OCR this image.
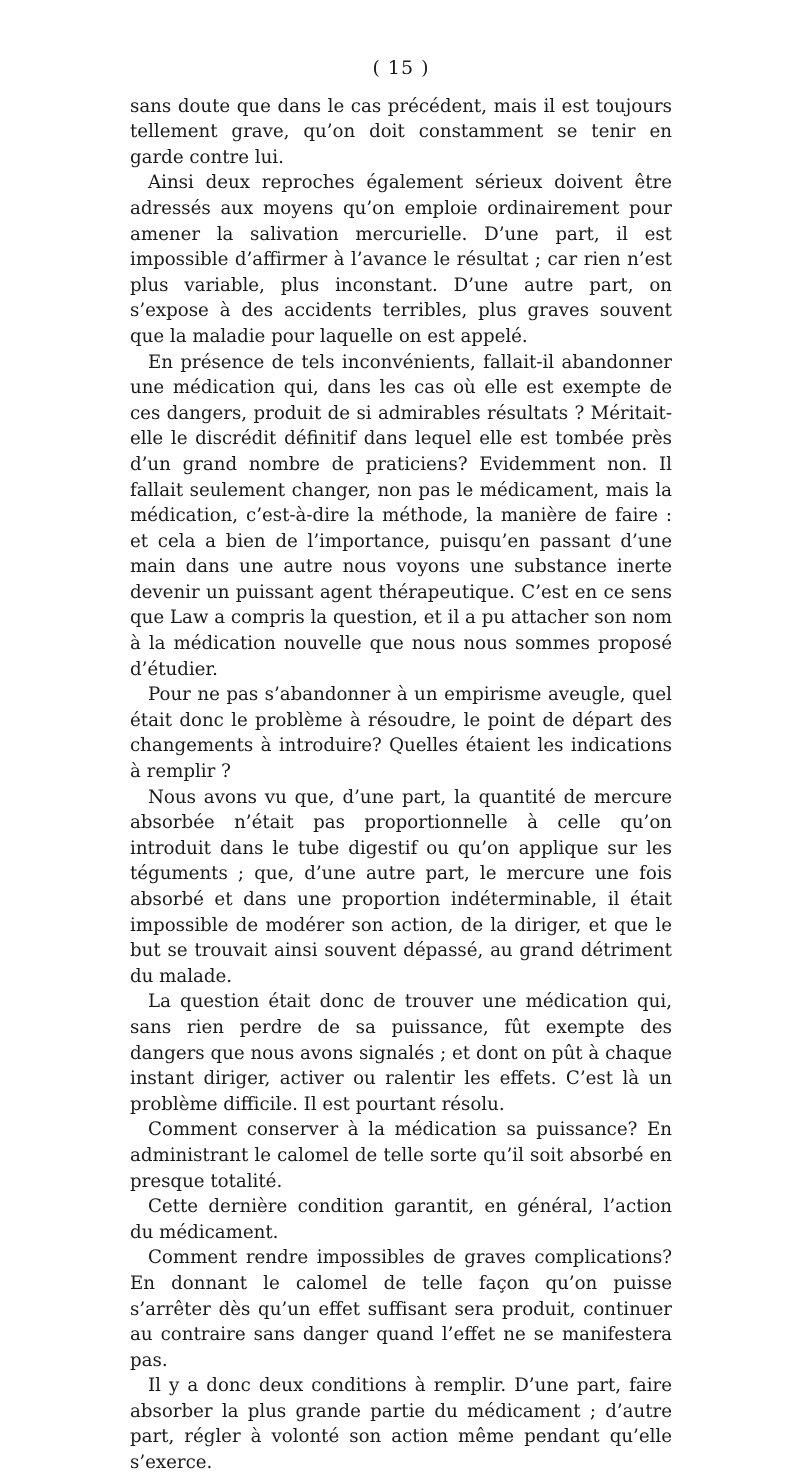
( 15 )

sans doute que dans le cas précédent, mais il est toujours tellement grave, qu’on doit constamment se tenir en garde contre lui.

Ainsi deux reproches également sérieux doivent être adressés aux moyens qu’on emploie ordinairement pour amener la salivation mercurielle. D’une part, il est impossible d’affirmer à l’avance le résultat ; car rien n’est plus variable, plus inconstant. D’une autre part, on s’expose à des accidents terribles, plus graves souvent que la maladie pour laquelle on est appelé.

En présence de tels inconvénients, fallait-il abandonner une médication qui, dans les cas où elle est exempte de ces dangers, produit de si admirables résultats ? Méritait-elle le discrédit définitif dans lequel elle est tombée près d’un grand nombre de praticiens? Evidemment non. Il fallait seulement changer, non pas le médicament, mais la médication, c’est-à-dire la méthode, la manière de faire : et cela a bien de l’importance, puisqu’en passant d’une main dans une autre nous voyons une substance inerte devenir un puissant agent thérapeutique. C’est en ce sens que Law a compris la question, et il a pu attacher son nom à la médication nouvelle que nous nous sommes proposé d’étudier.

Pour ne pas s’abandonner à un empirisme aveugle, quel était donc le problème à résoudre, le point de départ des changements à introduire? Quelles étaient les indications à remplir ?

Nous avons vu que, d’une part, la quantité de mercure absorbée n’était pas proportionnelle à celle qu’on introduit dans le tube digestif ou qu’on applique sur les téguments ; que, d’une autre part, le mercure une fois absorbé et dans une proportion indéterminable, il était impossible de modérer son action, de la diriger, et que le but se trouvait ainsi souvent dépassé, au grand détriment du malade.

La question était donc de trouver une médication qui, sans rien perdre de sa puissance, fût exempte des dangers que nous avons signalés ; et dont on pût à chaque instant diriger, activer ou ralentir les effets. C’est là un problème difficile. Il est pourtant résolu.

Comment conserver à la médication sa puissance? En administrant le calomel de telle sorte qu’il soit absorbé en presque totalité.

Cette dernière condition garantit, en général, l’action du médicament.

Comment rendre impossibles de graves complications? En donnant le calomel de telle façon qu’on puisse s’arrêter dès qu’un effet suffisant sera produit, continuer au contraire sans danger quand l’effet ne se manifestera pas.

Il y a donc deux conditions à remplir. D’une part, faire absorber la plus grande partie du médicament ; d’autre part, régler à volonté son action même pendant qu’elle s’exerce.
